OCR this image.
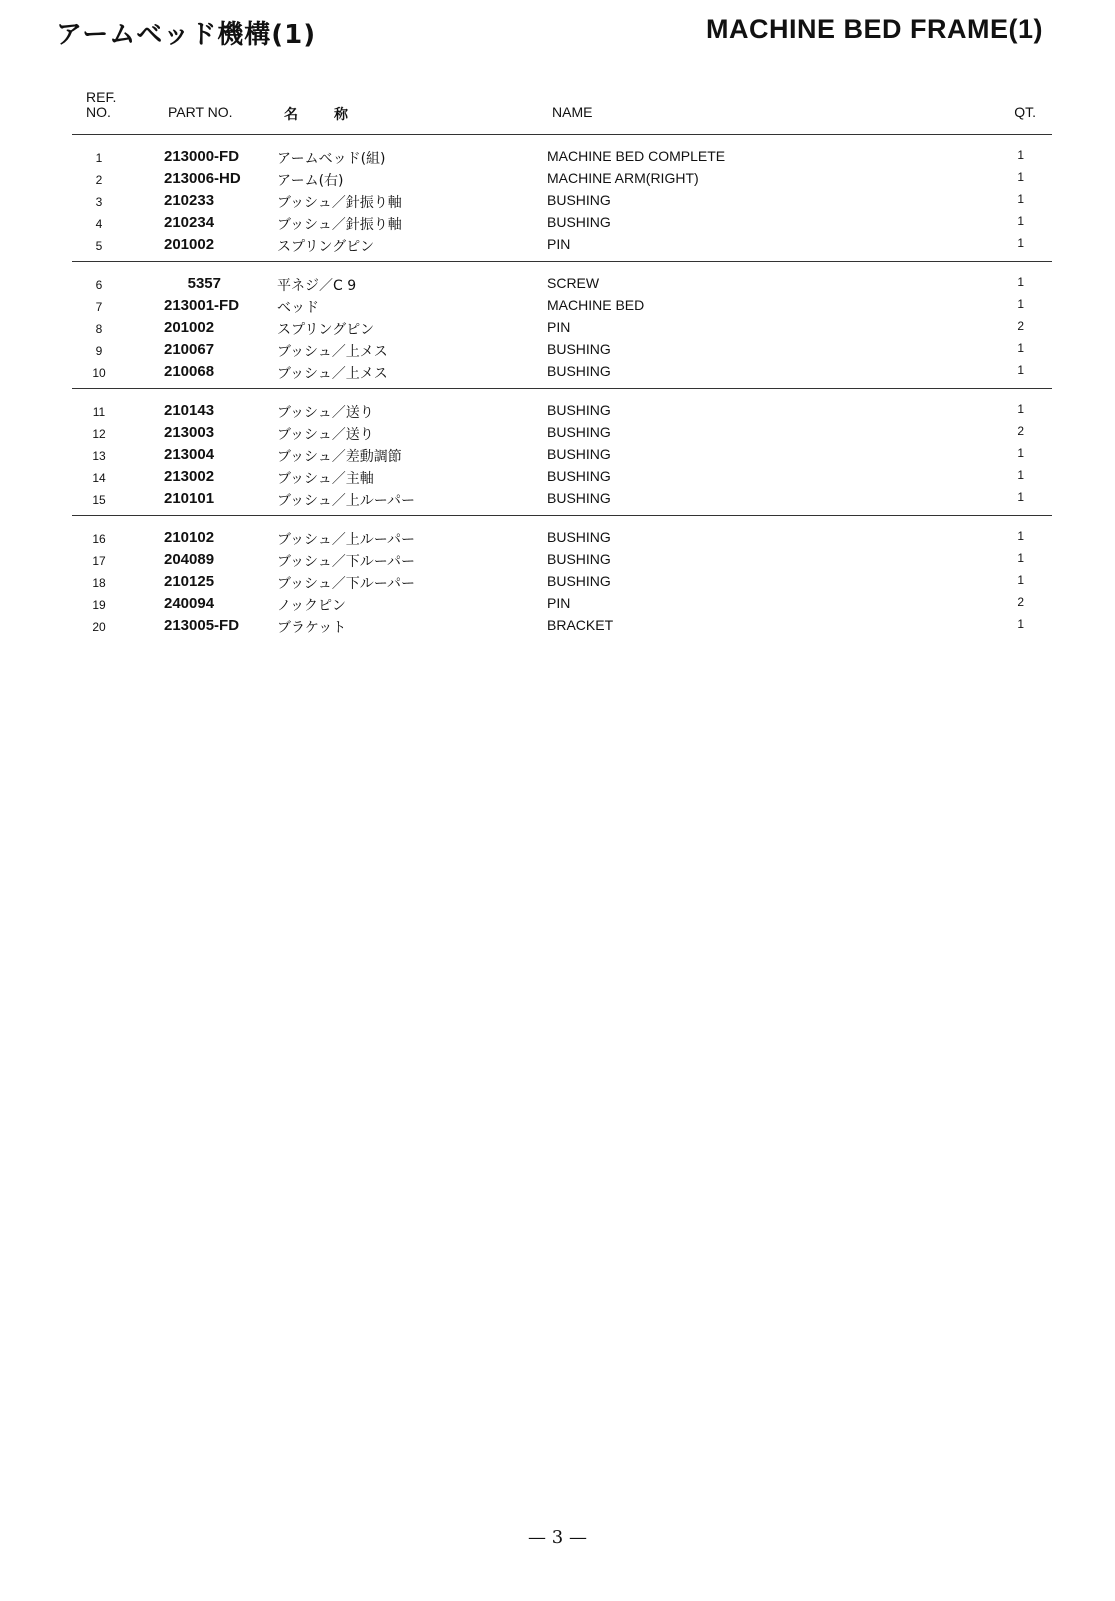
アームベッド機構(1)	MACHINE BED FRAME(1)
REF.
NO.	PART NO.	名称	NAME	QT.
1	213000-FD	アームベッド(組)	MACHINE BED COMPLETE	1
2	213006-HD	アーム(右)	MACHINE ARM(RIGHT)	1
3	210233	ブッシュ／針振り軸	BUSHING	1
4	210234	ブッシュ／針振り軸	BUSHING	1
5	201002	スプリングピン	PIN	1
6	5357	平ネジ／C 9	SCREW	1
7	213001-FD	ベッド	MACHINE BED	1
8	201002	スプリングピン	PIN	2
9	210067	ブッシュ／上メス	BUSHING	1
10	210068	ブッシュ／上メス	BUSHING	1
11	210143	ブッシュ／送り	BUSHING	1
12	213003	ブッシュ／送り	BUSHING	2
13	213004	ブッシュ／差動調節	BUSHING	1
14	213002	ブッシュ／主軸	BUSHING	1
15	210101	ブッシュ／上ルーパー	BUSHING	1
16	210102	ブッシュ／上ルーパー	BUSHING	1
17	204089	ブッシュ／下ルーパー	BUSHING	1
18	210125	ブッシュ／下ルーパー	BUSHING	1
19	240094	ノックピン	PIN	2
20	213005-FD	ブラケット	BRACKET	1
— 3 —
